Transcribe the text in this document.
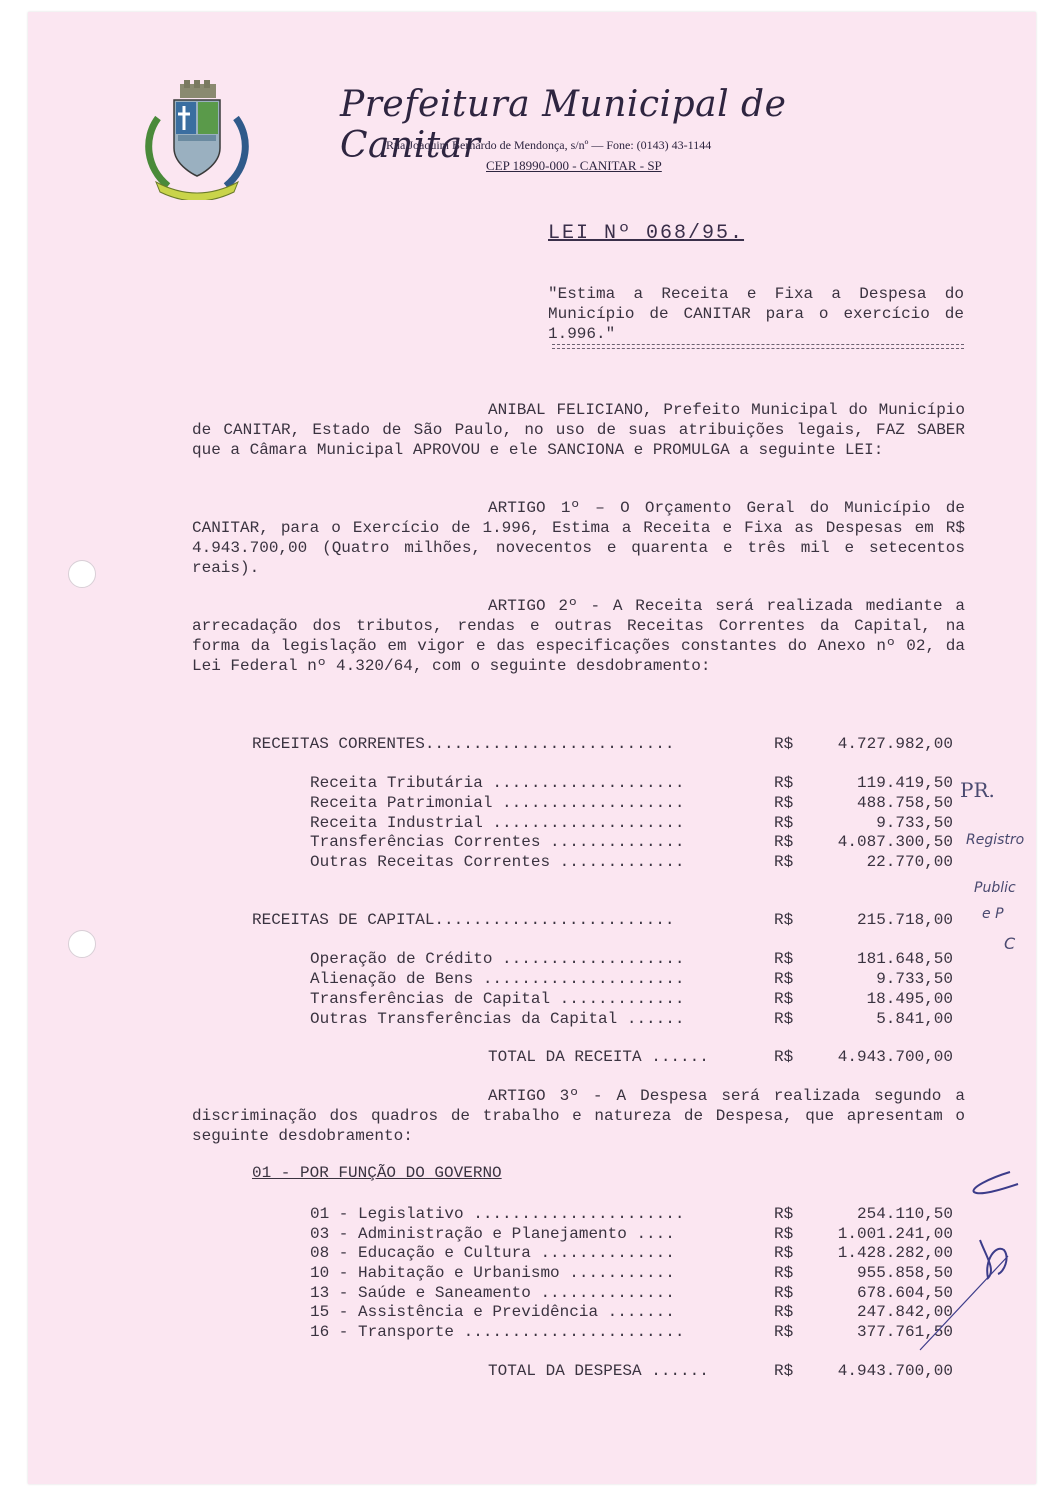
Prefeitura Municipal de Canitar
Rua Joaquim Bernardo de Mendonça, s/nº — Fone: (0143) 43-1144
CEP 18990-000 - CANITAR - SP
LEI Nº 068/95.
"Estima a Receita e Fixa a Despesa do Município de CANITAR para o exercício de 1.996."

ANIBAL FELICIANO, Prefeito Municipal do Município de CANITAR, Estado de São Paulo, no uso de suas atribuições legais, FAZ SABER que a Câmara Municipal APROVOU e ele SANCIONA e PROMULGA a seguinte LEI:

ARTIGO 1º – O Orçamento Geral do Município de CANITAR, para o Exercício de 1.996, Estima a Receita e Fixa as Despesas em R$ 4.943.700,00 (Quatro milhões, novecentos e quarenta e três mil e setecentos reais).

ARTIGO 2º - A Receita será realizada mediante a arrecadação dos tributos, rendas e outras Receitas Correntes da Capital, na forma da legislação em vigor e das especificações constantes do Anexo nº 02, da Lei Federal nº 4.320/64, com o seguinte desdobramento:

RECEITAS CORRENTES..........................	R$	4.727.982,00
Receita Tributária ....................	R$	119.419,50
Receita Patrimonial ...................	R$	488.758,50
Receita Industrial ....................	R$	9.733,50
Transferências Correntes ..............	R$	4.087.300,50
Outras Receitas Correntes .............	R$	22.770,00
RECEITAS DE CAPITAL.........................	R$	215.718,00
Operação de Crédito ...................	R$	181.648,50
Alienação de Bens .....................	R$	9.733,50
Transferências de Capital .............	R$	18.495,00
Outras Transferências da Capital ......	R$	5.841,00
TOTAL DA RECEITA ......	R$	4.943.700,00

ARTIGO 3º - A Despesa será realizada segundo a discriminação dos quadros de trabalho e natureza de Despesa, que apresentam o seguinte desdobramento:

01 - POR FUNÇÃO DO GOVERNO
01 - Legislativo ......................	R$	254.110,50
03 - Administração e Planejamento ....	R$	1.001.241,00
08 - Educação e Cultura ..............	R$	1.428.282,00
10 - Habitação e Urbanismo ...........	R$	955.858,50
13 - Saúde e Saneamento ..............	R$	678.604,50
15 - Assistência e Previdência .......	R$	247.842,00
16 - Transporte .......................	R$	377.761,50
TOTAL DA DESPESA ......	R$	4.943.700,00
PR.
Registro
Public
e P
C
